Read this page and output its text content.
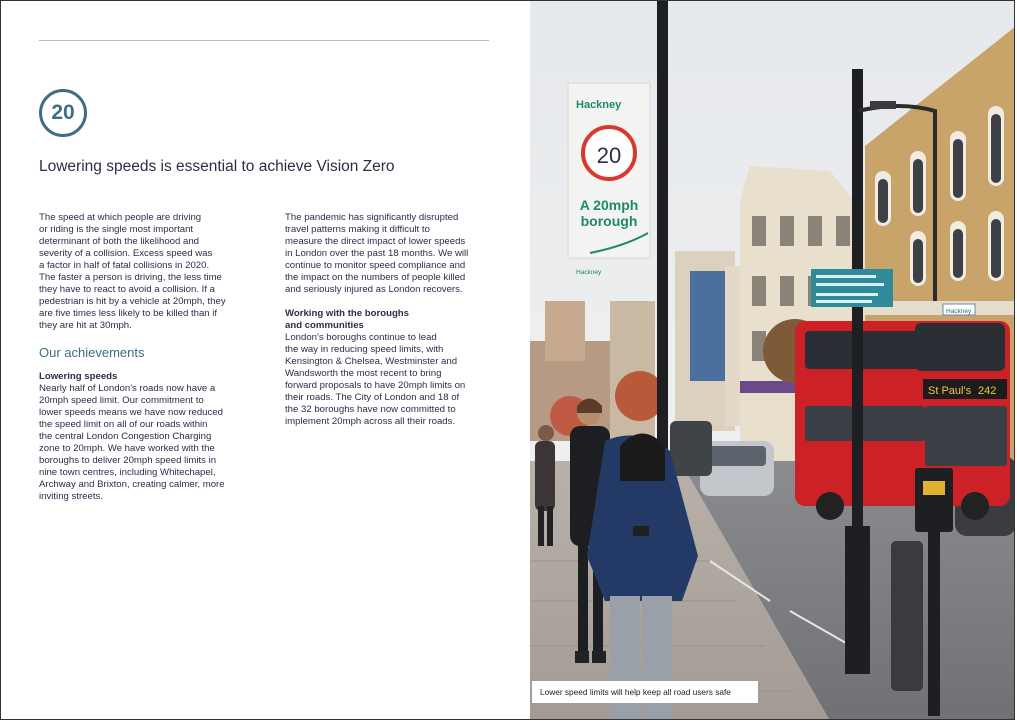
20
Lowering speeds is essential to achieve Vision Zero

The speed at which people are driving
or riding is the single most important
determinant of both the likelihood and
severity of a collision. Excess speed was
a factor in half of fatal collisions in 2020.
The faster a person is driving, the less time
they have to react to avoid a collision. If a
pedestrian is hit by a vehicle at 20mph, they
are five times less likely to be killed than if
they are hit at 30mph.

Our achievements

Lowering speeds

Nearly half of London's roads now have a
20mph speed limit. Our commitment to
lower speeds means we have now reduced
the speed limit on all of our roads within
the central London Congestion Charging
zone to 20mph. We have worked with the
boroughs to deliver 20mph speed limits in
nine town centres, including Whitechapel,
Archway and Brixton, creating calmer, more
inviting streets.

The pandemic has significantly disrupted
travel patterns making it difficult to
measure the direct impact of lower speeds
in London over the past 18 months. We will
continue to monitor speed compliance and
the impact on the numbers of people killed
and seriously injured as London recovers.

Working with the boroughs
and communities

London's boroughs continue to lead
the way in reducing speed limits, with
Kensington & Chelsea, Westminster and
Wandsworth the most recent to bring
forward proposals to have 20mph limits on
their roads. The City of London and 18 of
the 32 boroughs have now committed to
implement 20mph across all their roads.

St Paul's 242
Hackney
Hackney
20
A 20mph
borough
Hackney
Lower speed limits will help keep all road users safe
